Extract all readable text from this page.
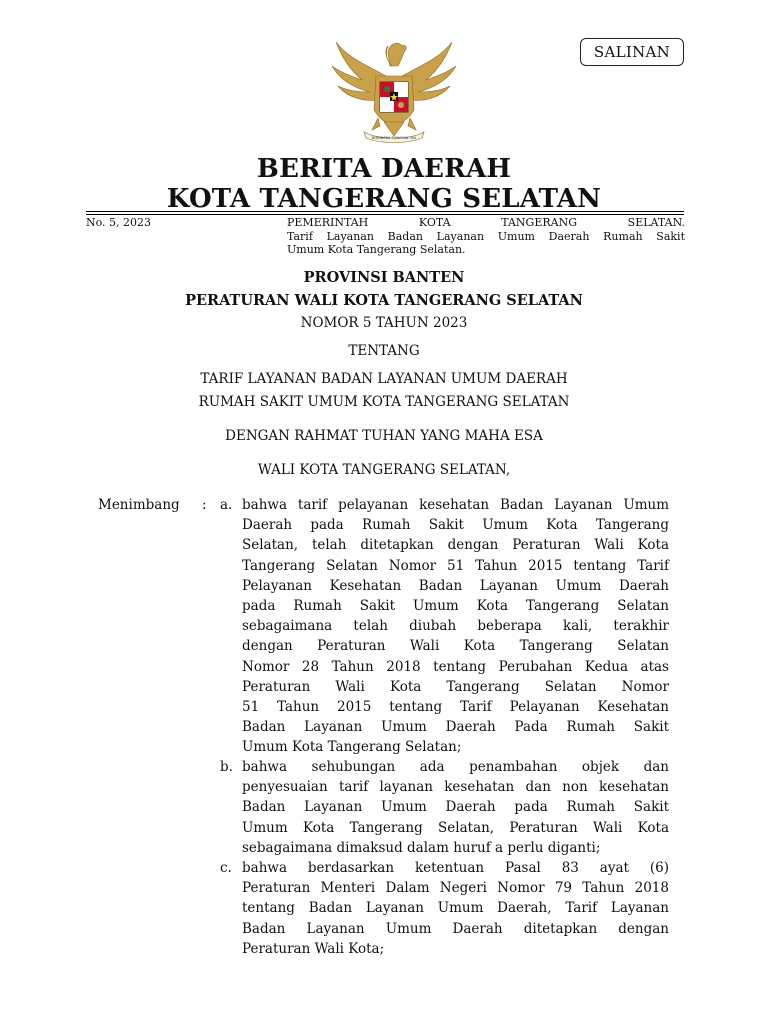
SALINAN
BHINNEKA TUNGGAL IKA
BERITA DAERAH
KOTA TANGERANG SELATAN
No. 5, 2023	PEMERINTAH KOTA TANGERANG SELATAN.
Tarif Layanan Badan Layanan Umum Daerah Rumah Sakit
Umum Kota Tangerang Selatan.
PROVINSI BANTEN
PERATURAN WALI KOTA TANGERANG SELATAN
NOMOR 5 TAHUN 2023
TENTANG
TARIF LAYANAN BADAN LAYANAN UMUM DAERAH
RUMAH SAKIT UMUM KOTA TANGERANG SELATAN
DENGAN RAHMAT TUHAN YANG MAHA ESA
WALI KOTA TANGERANG SELATAN,
Menimbang : a. bahwa tarif pelayanan kesehatan Badan Layanan Umum
Daerah pada Rumah Sakit Umum Kota Tangerang
Selatan, telah ditetapkan dengan Peraturan Wali Kota
Tangerang Selatan Nomor 51 Tahun 2015 tentang Tarif
Pelayanan Kesehatan Badan Layanan Umum Daerah
pada Rumah Sakit Umum Kota Tangerang Selatan
sebagaimana telah diubah beberapa kali, terakhir
dengan Peraturan Wali Kota Tangerang Selatan
Nomor 28 Tahun 2018 tentang Perubahan Kedua atas
Peraturan Wali Kota Tangerang Selatan Nomor
51 Tahun 2015 tentang Tarif Pelayanan Kesehatan
Badan Layanan Umum Daerah Pada Rumah Sakit
Umum Kota Tangerang Selatan;
b. bahwa sehubungan ada penambahan objek dan
penyesuaian tarif layanan kesehatan dan non kesehatan
Badan Layanan Umum Daerah pada Rumah Sakit
Umum Kota Tangerang Selatan, Peraturan Wali Kota
sebagaimana dimaksud dalam huruf a perlu diganti;
c. bahwa berdasarkan ketentuan Pasal 83 ayat (6)
Peraturan Menteri Dalam Negeri Nomor 79 Tahun 2018
tentang Badan Layanan Umum Daerah, Tarif Layanan
Badan Layanan Umum Daerah ditetapkan dengan
Peraturan Wali Kota;
